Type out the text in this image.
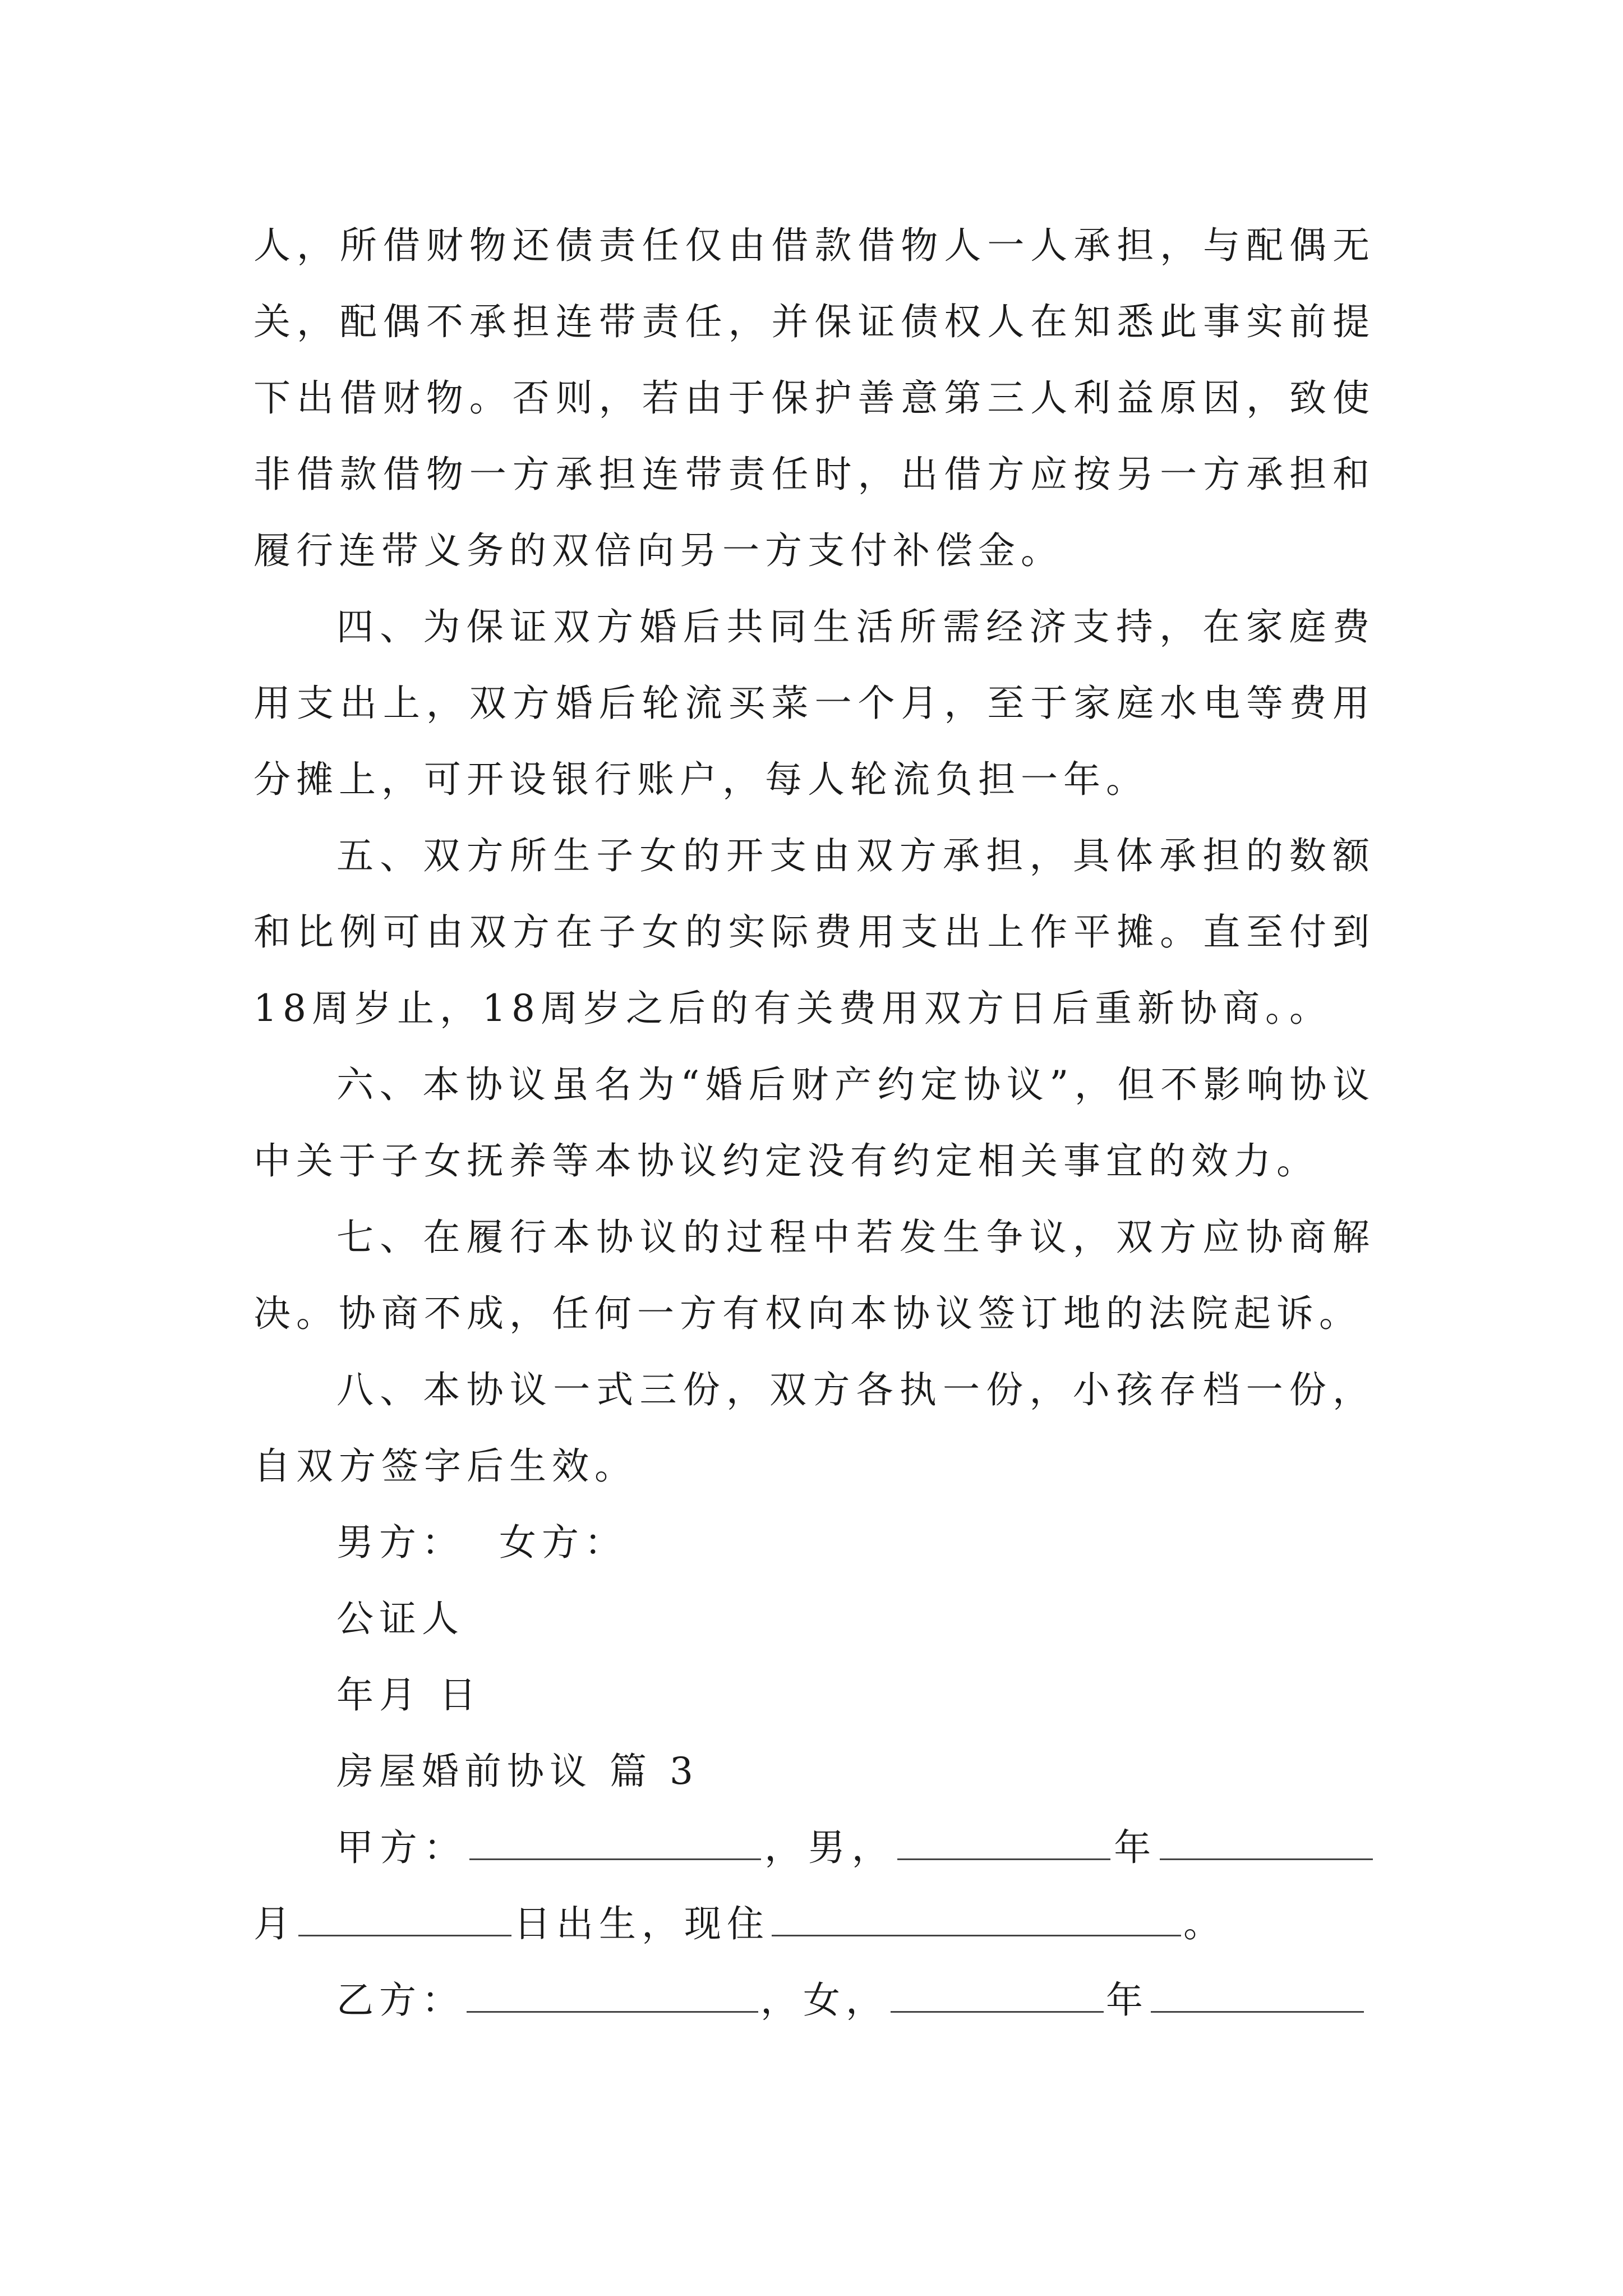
人，所借财物还债责任仅由借款借物人一人承担，与配偶无关，配偶不承担连带责任，并保证债权人在知悉此事实前提下出借财物。否则，若由于保护善意第三人利益原因，致使非借款借物一方承担连带责任时，出借方应按另一方承担和履行连带义务的双倍向另一方支付补偿金。

四、为保证双方婚后共同生活所需经济支持，在家庭费用支出上，双方婚后轮流买菜一个月，至于家庭水电等费用分摊上，可开设银行账户，每人轮流负担一年。

五、双方所生子女的开支由双方承担，具体承担的数额和比例可由双方在子女的实际费用支出上作平摊。直至付到18周岁止，18周岁之后的有关费用双方日后重新协商。。

六、本协议虽名为“婚后财产约定协议”，但不影响协议中关于子女抚养等本协议约定没有约定相关事宜的效力。

七、在履行本协议的过程中若发生争议，双方应协商解决。协商不成，任何一方有权向本协议签订地的法院起诉。

八、本协议一式三份，双方各执一份，小孩存档一份，自双方签字后生效。

男方： 女方：

公证人

年月 日

房屋婚前协议 篇 3

甲方：	，男，	年月	日出生，现住	。

乙方：	，女，	年
